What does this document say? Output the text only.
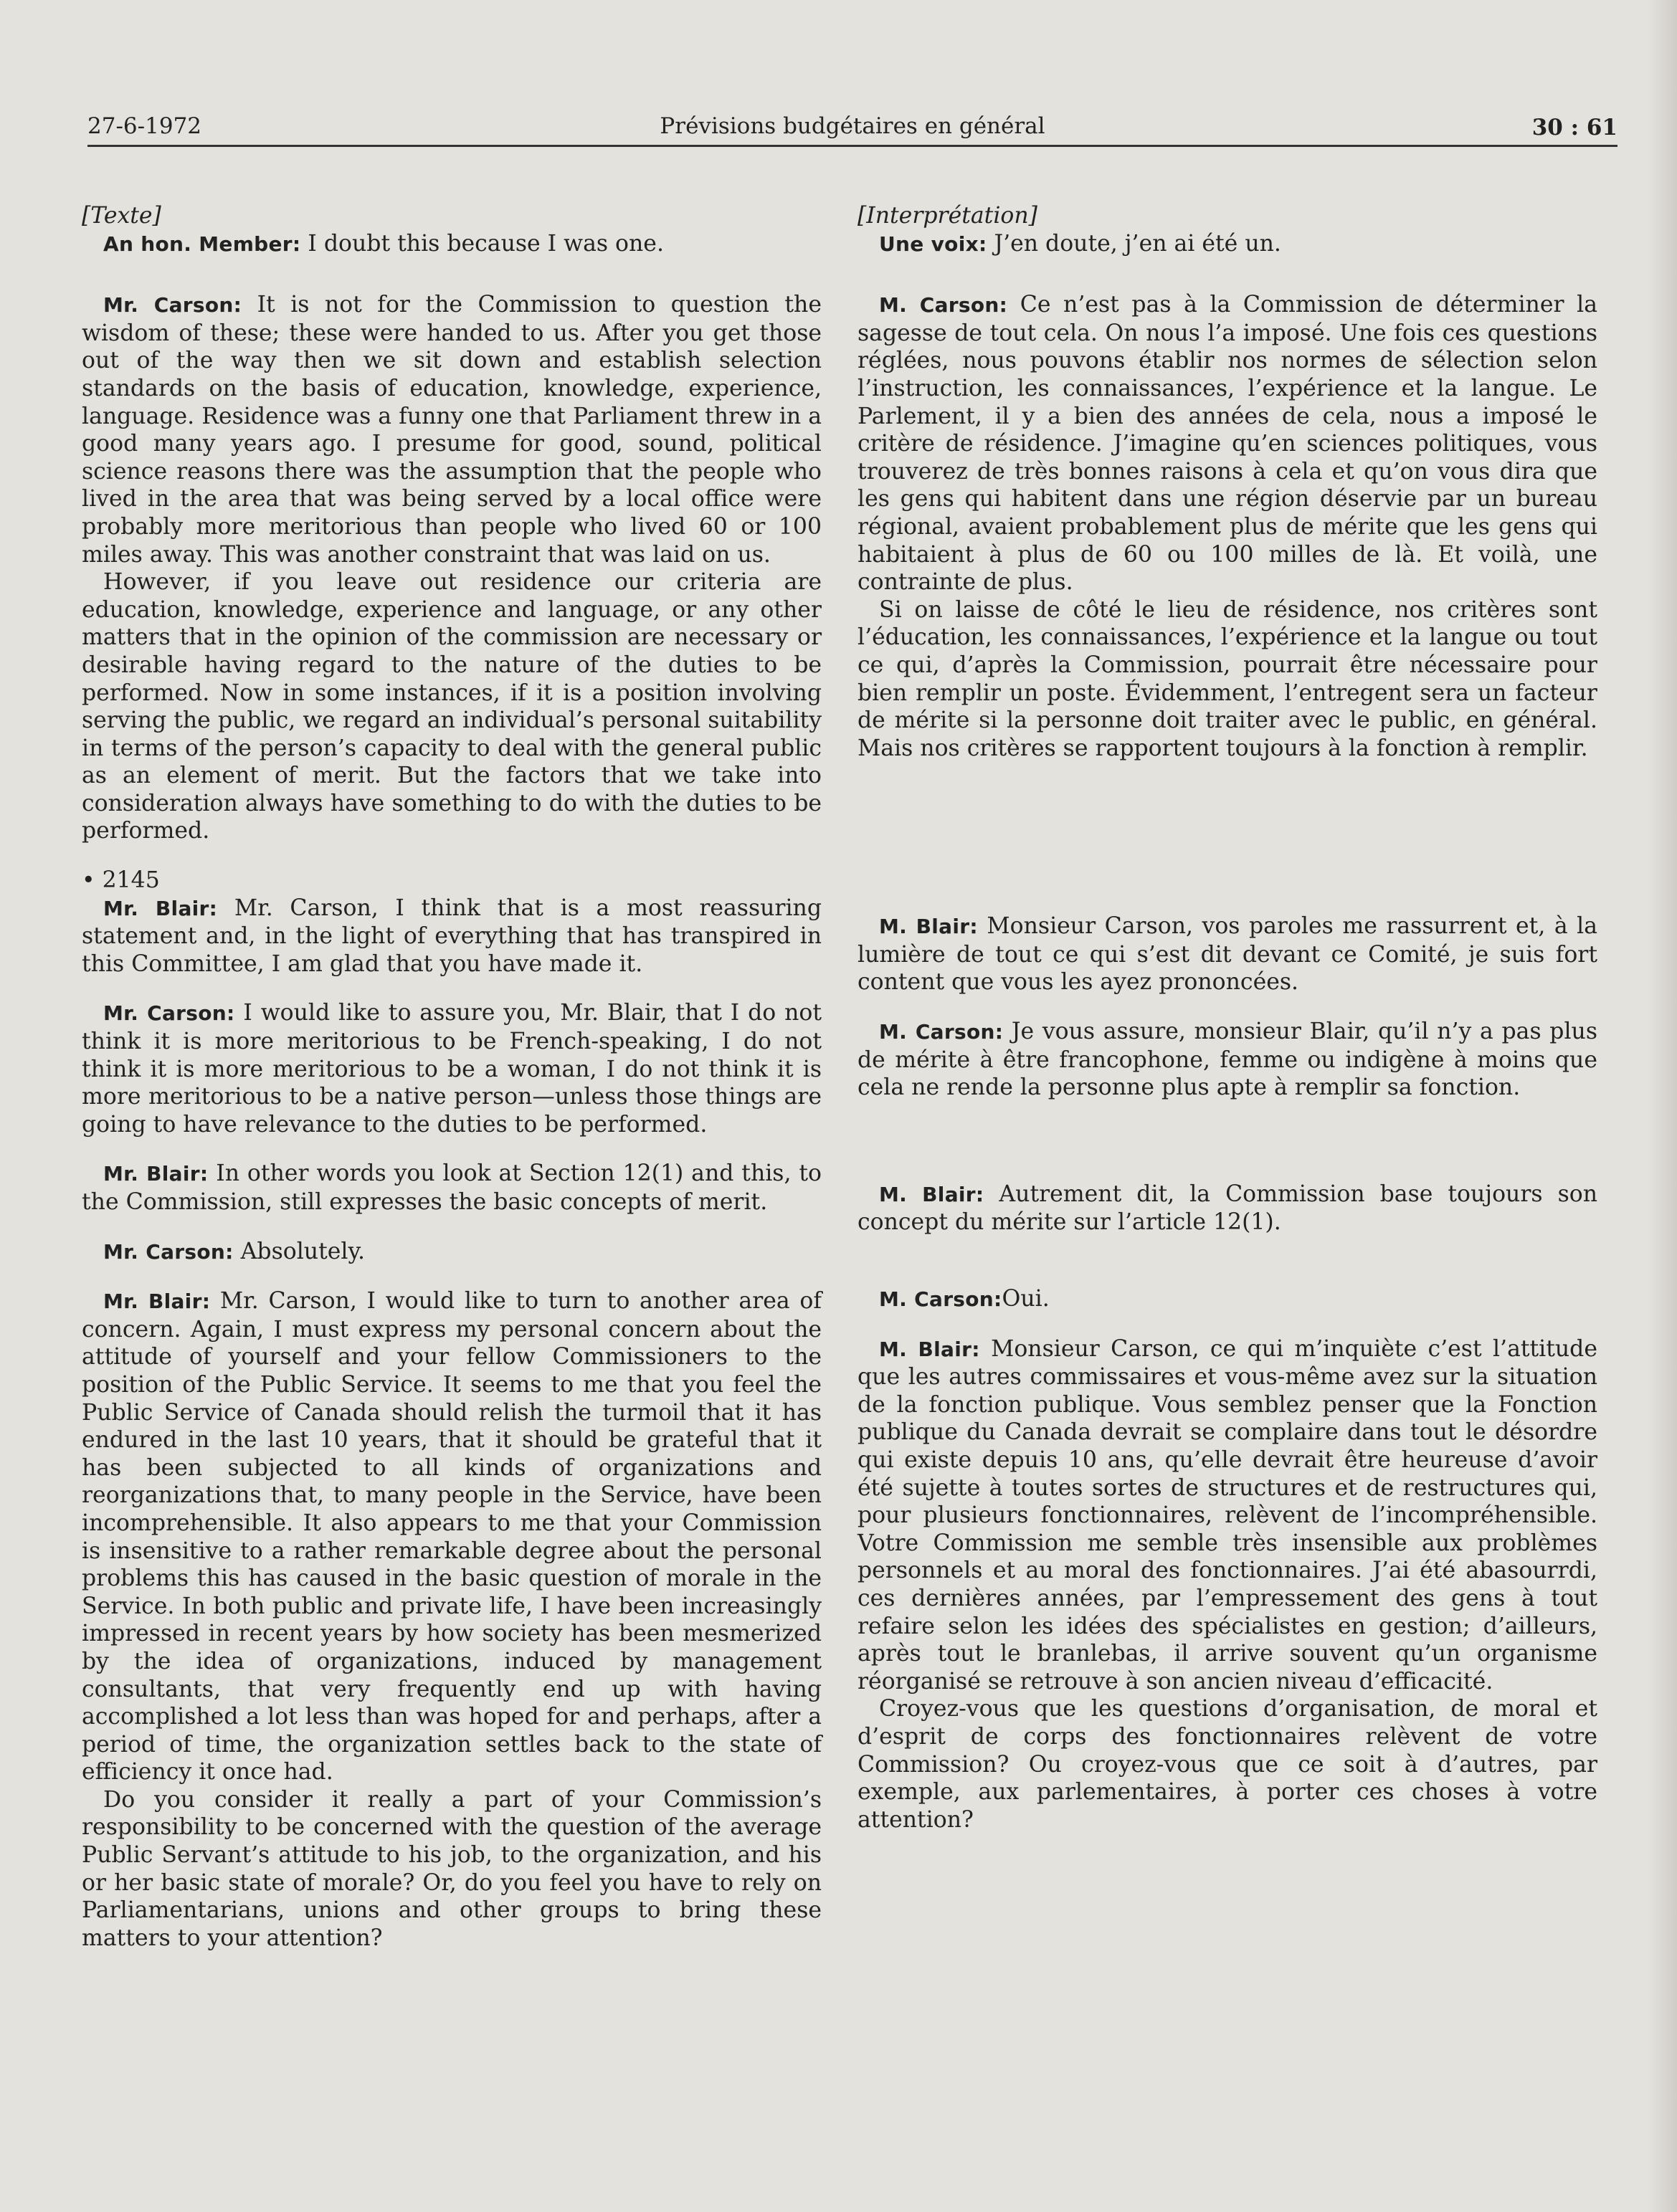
27-6-1972	Prévisions budgétaires en général	30 : 61

[Texte]

An hon. Member: I doubt this because I was one.

Mr. Carson: It is not for the Commission to question the wisdom of these; these were handed to us. After you get those out of the way then we sit down and establish selection standards on the basis of education, knowledge, experience, language. Residence was a funny one that Parliament threw in a good many years ago. I presume for good, sound, political science reasons there was the assumption that the people who lived in the area that was being served by a local office were probably more meritorious than people who lived 60 or 100 miles away. This was another constraint that was laid on us.

However, if you leave out residence our criteria are education, knowledge, experience and language, or any other matters that in the opinion of the commission are necessary or desirable having regard to the nature of the duties to be performed. Now in some instances, if it is a position involving serving the public, we regard an individual’s personal suitability in terms of the person’s capacity to deal with the general public as an element of merit. But the factors that we take into consideration always have something to do with the duties to be performed.

• 2145

Mr. Blair: Mr. Carson, I think that is a most reassuring statement and, in the light of everything that has transpired in this Committee, I am glad that you have made it.

Mr. Carson: I would like to assure you, Mr. Blair, that I do not think it is more meritorious to be French-speaking, I do not think it is more meritorious to be a woman, I do not think it is more meritorious to be a native person—unless those things are going to have relevance to the duties to be performed.

Mr. Blair: In other words you look at Section 12(1) and this, to the Commission, still expresses the basic concepts of merit.

Mr. Carson: Absolutely.

Mr. Blair: Mr. Carson, I would like to turn to another area of concern. Again, I must express my personal concern about the attitude of yourself and your fellow Commissioners to the position of the Public Service. It seems to me that you feel the Public Service of Canada should relish the turmoil that it has endured in the last 10 years, that it should be grateful that it has been subjected to all kinds of organizations and reorganizations that, to many people in the Service, have been incomprehensible. It also appears to me that your Commission is insensitive to a rather remarkable degree about the personal problems this has caused in the basic question of morale in the Service. In both public and private life, I have been increasingly impressed in recent years by how society has been mesmerized by the idea of organizations, induced by management consultants, that very frequently end up with having accomplished a lot less than was hoped for and perhaps, after a period of time, the organization settles back to the state of efficiency it once had.

Do you consider it really a part of your Commission’s responsibility to be concerned with the question of the average Public Servant’s attitude to his job, to the organization, and his or her basic state of morale? Or, do you feel you have to rely on Parliamentarians, unions and other groups to bring these matters to your attention?

[Interprétation]

Une voix: J’en doute, j’en ai été un.

M. Carson: Ce n’est pas à la Commission de déterminer la sagesse de tout cela. On nous l’a imposé. Une fois ces questions réglées, nous pouvons établir nos normes de sélection selon l’instruction, les connaissances, l’expérience et la langue. Le Parlement, il y a bien des années de cela, nous a imposé le critère de résidence. J’imagine qu’en sciences politiques, vous trouverez de très bonnes raisons à cela et qu’on vous dira que les gens qui habitent dans une région déservie par un bureau régional, avaient probablement plus de mérite que les gens qui habitaient à plus de 60 ou 100 milles de là. Et voilà, une contrainte de plus.

Si on laisse de côté le lieu de résidence, nos critères sont l’éducation, les connaissances, l’expérience et la langue ou tout ce qui, d’après la Commission, pourrait être nécessaire pour bien remplir un poste. Évidemment, l’entregent sera un facteur de mérite si la personne doit traiter avec le public, en général. Mais nos critères se rapportent toujours à la fonction à remplir.

M. Blair: Monsieur Carson, vos paroles me rassurrent et, à la lumière de tout ce qui s’est dit devant ce Comité, je suis fort content que vous les ayez prononcées.

M. Carson: Je vous assure, monsieur Blair, qu’il n’y a pas plus de mérite à être francophone, femme ou indigène à moins que cela ne rende la personne plus apte à remplir sa fonction.

M. Blair: Autrement dit, la Commission base toujours son concept du mérite sur l’article 12(1).

M. Carson:Oui.

M. Blair: Monsieur Carson, ce qui m’inquiète c’est l’attitude que les autres commissaires et vous-même avez sur la situation de la fonction publique. Vous semblez penser que la Fonction publique du Canada devrait se complaire dans tout le désordre qui existe depuis 10 ans, qu’elle devrait être heureuse d’avoir été sujette à toutes sortes de structures et de restructures qui, pour plusieurs fonctionnaires, relèvent de l’incompréhensible. Votre Commission me semble très insensible aux problèmes personnels et au moral des fonctionnaires. J’ai été abasourrdi, ces dernières années, par l’empressement des gens à tout refaire selon les idées des spécialistes en gestion; d’ailleurs, après tout le branlebas, il arrive souvent qu’un organisme réorganisé se retrouve à son ancien niveau d’efficacité.

Croyez-vous que les questions d’organisation, de moral et d’esprit de corps des fonctionnaires relèvent de votre Commission? Ou croyez-vous que ce soit à d’autres, par exemple, aux parlementaires, à porter ces choses à votre attention?
